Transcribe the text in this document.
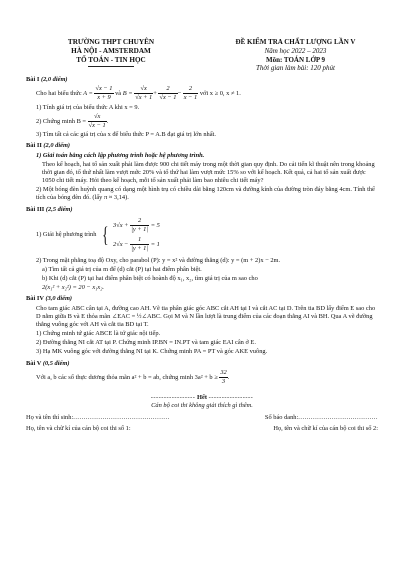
TRƯỜNG THPT CHUYÊN
HÀ NỘI - AMSTERDAM
TỔ TOÁN - TIN HỌC
ĐỀ KIỂM TRA CHẤT LƯỢNG LẦN V
Năm học 2022 – 2023
Môn: TOÁN LỚP 9
Thời gian làm bài: 120 phút
Bài I (2,0 điểm)
Cho hai biểu thức $A = \frac{√x - 1}{x + 9}$ và $B = \frac{√x}{√x + 1} + \frac{2}{√x - 1} - \frac{2}{x - 1}$ với x ≥ 0, x ≠ 1.
1) Tính giá trị của biểu thức A khi x = 9.
2) Chứng minh $B = \frac{√x}{√x - 1}$ .
3) Tìm tất cả các giá trị của x để biểu thức P = A.B đạt giá trị lớn nhất.
Bài II (2,0 điểm)
1) Giải toán bằng cách lập phương trình hoặc hệ phương trình.
Theo kế hoạch, hai tổ sản xuất phải làm được 900 chi tiết máy trong một thời gian quy định. Do cải tiến kĩ thuật nên trong khoảng thời gian đó, tổ thứ nhất làm vượt mức 20% và tổ thứ hai làm vượt mức 15% so với kế hoạch. Kết quả, cả hai tổ sản xuất được 1050 chi tiết máy. Hỏi theo kế hoạch, mỗi tổ sản xuất phải làm bao nhiêu chi tiết máy?
2) Một bóng đèn huỳnh quang có dạng một hình trụ có chiều dài bằng 120cm và đường kính của đường tròn đáy bằng 4cm. Tính thể tích của bóng đèn đó. (lấy π ≈ 3,14).
Bài III (2,5 điểm)
1) Giải hệ phương trình { $3√x + \frac{2}{|y + 1|} = 5$
$2√x - \frac{1}{|y + 1|} = 1$
2) Trong mặt phẳng toạ độ Oxy, cho parabol (P): y = x² và đường thẳng (d): y = (m + 2)x − 2m.
a) Tìm tất cả giá trị của m để (d) cắt (P) tại hai điểm phân biệt.
b) Khi (d) cắt (P) tại hai điểm phân biệt có hoành độ x₁, x₂, tìm giá trị của m sao cho
2(x₁² + x₂²) = 20 − x₁x₂.
Bài IV (3,0 điểm)
Cho tam giác ABC cân tại A, đường cao AH. Vẽ tia phân giác góc ABC cắt AH tại I và cắt AC tại D. Trên tia BD lấy điểm E sao cho D nằm giữa B và E thỏa mãn ∠EAC = ½∠ABC. Gọi M và N lần lượt là trung điểm của các đoạn thẳng AI và BH. Qua A vẽ đường thẳng vuông góc với AH và cắt tia BD tại T.
1) Chứng minh tứ giác ABCE là tứ giác nội tiếp.
2) Đường thẳng NI cắt AT tại P. Chứng minh IP.BN = IN.PT và tam giác EAI cân ở E.
3) Hạ MK vuông góc với đường thẳng NI tại K. Chứng minh PA = PT và góc AKE vuông.
Bài V (0,5 điểm)
Với a, b các số thực dương thỏa mãn a² + b = ab, chứng minh $3a^2 + b \ge \frac{32}{3}$ .
----------------- Hết -----------------
Cán bộ coi thi không giải thích gì thêm.
Họ và tên thí sinh:..............................................	Số báo danh:......................................
Họ, tên và chữ kí của cán bộ coi thi số 1:	Họ, tên và chữ kí của cán bộ coi thi số 2:
